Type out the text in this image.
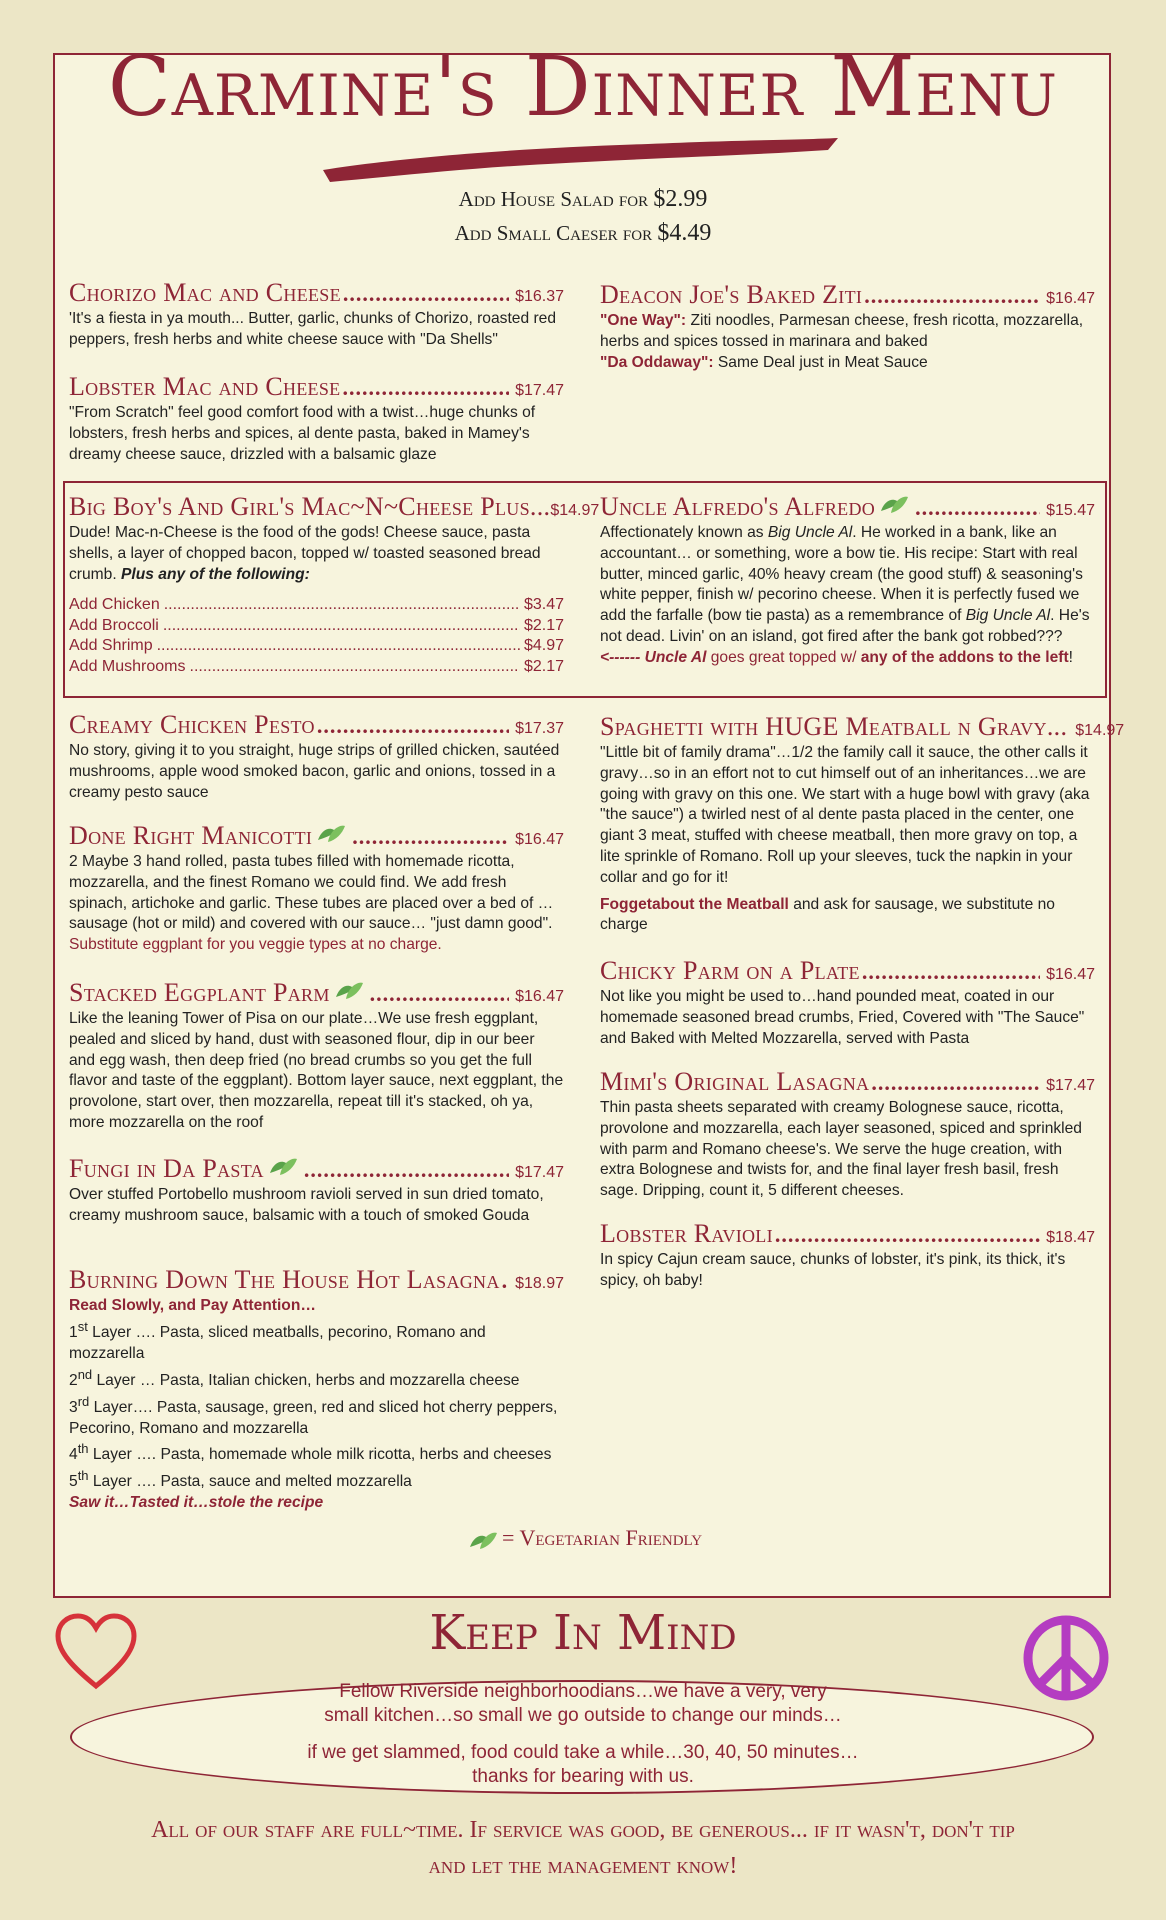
Carmine's Dinner Menu
Add House Salad for $2.99
Add Small Caeser for $4.49
Chorizo Mac and Cheese .....	$16.37
'It's a fiesta in ya mouth... Butter, garlic, chunks of Chorizo, roasted red peppers, fresh herbs and white cheese sauce with "Da Shells"
Lobster Mac and Cheese .....	$17.47
"From Scratch" feel good comfort food with a twist…huge chunks of lobsters, fresh herbs and spices, al dente pasta, baked in Mamey's dreamy cheese sauce, drizzled with a balsamic glaze
Deacon Joe's Baked Ziti .....	$16.47
"One Way": Ziti noodles, Parmesan cheese, fresh ricotta, mozzarella, herbs and spices tossed in marinara and baked
"Da Oddaway": Same Deal just in Meat Sauce
Big Boy's And Girl's Mac~N~Cheese Plus... $14.97
Dude! Mac-n-Cheese is the food of the gods! Cheese sauce, pasta shells, a layer of chopped bacon, topped w/ toasted seasoned bread crumb. Plus any of the following:
Add Chicken .....	$3.47
Add Broccoli .....	$2.17
Add Shrimp .....	$4.97
Add Mushrooms .....	$2.17
Uncle Alfredo's Alfredo .....	$15.47
Affectionately known as Big Uncle Al. He worked in a bank, like an accountant… or something, wore a bow tie. His recipe: Start with real butter, minced garlic, 40% heavy cream (the good stuff) & seasoning's white pepper, finish w/ pecorino cheese. When it is perfectly fused we add the farfalle (bow tie pasta) as a remembrance of Big Uncle Al. He's not dead. Livin' on an island, got fired after the bank got robbed???
<------ Uncle Al goes great topped w/ any of the addons to the left!
Creamy Chicken Pesto .....	$17.37
No story, giving it to you straight, huge strips of grilled chicken, sautéed mushrooms, apple wood smoked bacon, garlic and onions, tossed in a creamy pesto sauce
Done Right Manicotti .....	$16.47
2 Maybe 3 hand rolled, pasta tubes filled with homemade ricotta, mozzarella, and the finest Romano we could find. We add fresh spinach, artichoke and garlic. These tubes are placed over a bed of …sausage (hot or mild) and covered with our sauce… "just damn good". Substitute eggplant for you veggie types at no charge.
Stacked Eggplant Parm .....	$16.47
Like the leaning Tower of Pisa on our plate…We use fresh eggplant, pealed and sliced by hand, dust with seasoned flour, dip in our beer and egg wash, then deep fried (no bread crumbs so you get the full flavor and taste of the eggplant). Bottom layer sauce, next eggplant, the provolone, start over, then mozzarella, repeat till it's stacked, oh ya, more mozzarella on the roof
Fungi in Da Pasta .....	$17.47
Over stuffed Portobello mushroom ravioli served in sun dried tomato, creamy mushroom sauce, balsamic with a touch of smoked Gouda
Burning Down The House Hot Lasagna ..... $18.97
Read Slowly, and Pay Attention…
1st Layer …. Pasta, sliced meatballs, pecorino, Romano and mozzarella
2nd Layer … Pasta, Italian chicken, herbs and mozzarella cheese
3rd Layer…. Pasta, sausage, green, red and sliced hot cherry peppers, Pecorino, Romano and mozzarella
4th Layer …. Pasta, homemade whole milk ricotta, herbs and cheeses
5th Layer …. Pasta, sauce and melted mozzarella
Saw it…Tasted it…stole the recipe
Spaghetti with HUGE Meatball n Gravy... $14.97
"Little bit of family drama"…1/2 the family call it sauce, the other calls it gravy…so in an effort not to cut himself out of an inheritances…we are going with gravy on this one. We start with a huge bowl with gravy (aka "the sauce") a twirled nest of al dente pasta placed in the center, one giant 3 meat, stuffed with cheese meatball, then more gravy on top, a lite sprinkle of Romano. Roll up your sleeves, tuck the napkin in your collar and go for it!
Foggetabout the Meatball and ask for sausage, we substitute no charge
Chicky Parm on a Plate .....	$16.47
Not like you might be used to…hand pounded meat, coated in our homemade seasoned bread crumbs, Fried, Covered with "The Sauce" and Baked with Melted Mozzarella, served with Pasta
Mimi's Original Lasagna .....	$17.47
Thin pasta sheets separated with creamy Bolognese sauce, ricotta, provolone and mozzarella, each layer seasoned, spiced and sprinkled with parm and Romano cheese's. We serve the huge creation, with extra Bolognese and twists for, and the final layer fresh basil, fresh sage. Dripping, count it, 5 different cheeses.
Lobster Ravioli .....	$18.47
In spicy Cajun cream sauce, chunks of lobster, it's pink, its thick, it's spicy, oh baby!
= Vegetarian Friendly
Keep In Mind
Fellow Riverside neighborhoodians…we have a very, very
small kitchen…so small we go outside to change our minds…
if we get slammed, food could take a while…30, 40, 50 minutes…
thanks for bearing with us.
All of our staff are full~time. If service was good, be generous... if it wasn't, don't tip
and let the management know!
